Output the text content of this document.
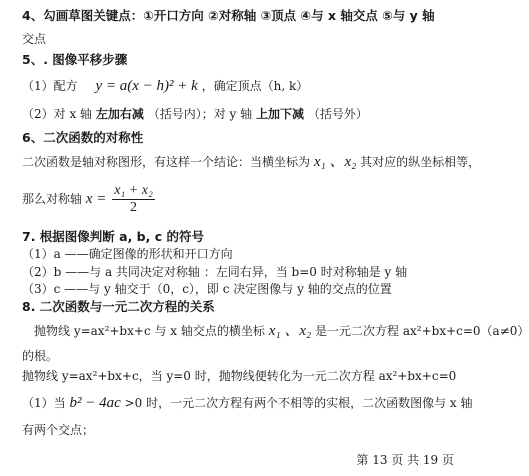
4、勾画草图关键点：①开口方向 ②对称轴 ③顶点 ④与 x 轴交点 ⑤与 y 轴
交点
5、. 图像平移步骤
（1）配方 y = a(x − h)² + k ，确定顶点（h, k）
（2）对 x 轴 左加右减 （括号内）；对 y 轴 上加下减 （括号外）
6、二次函数的对称性
二次函数是轴对称图形，有这样一个结论：当横坐标为 x₁ 、x₂ 其对应的纵坐标相等，
那么对称轴 $x = \frac{\text{x₁ + x₂}}{2}$
7. 根据图像判断 a, b, c 的符号
（1）a ——确定图像的形状和开口方向
（2）b ——与 a 共同决定对称轴 ：左同右异，当 b=0 时对称轴是 y 轴
（3）c ——与 y 轴交于（0，c），即 c 决定图像与 y 轴的交点的位置
8. 二次函数与一元二次方程的关系
抛物线 y=ax²+bx+c 与 x 轴交点的横坐标 x₁ 、x₂ 是一元二次方程 ax²+bx+c=0（a≠0）
的根。
抛物线 y=ax²+bx+c，当 y=0 时，抛物线便转化为一元二次方程 ax²+bx+c=0
（1）当 b² − 4ac >0 时，一元二次方程有两个不相等的实根，二次函数图像与 x 轴
有两个交点；
第 13 页 共 19 页
